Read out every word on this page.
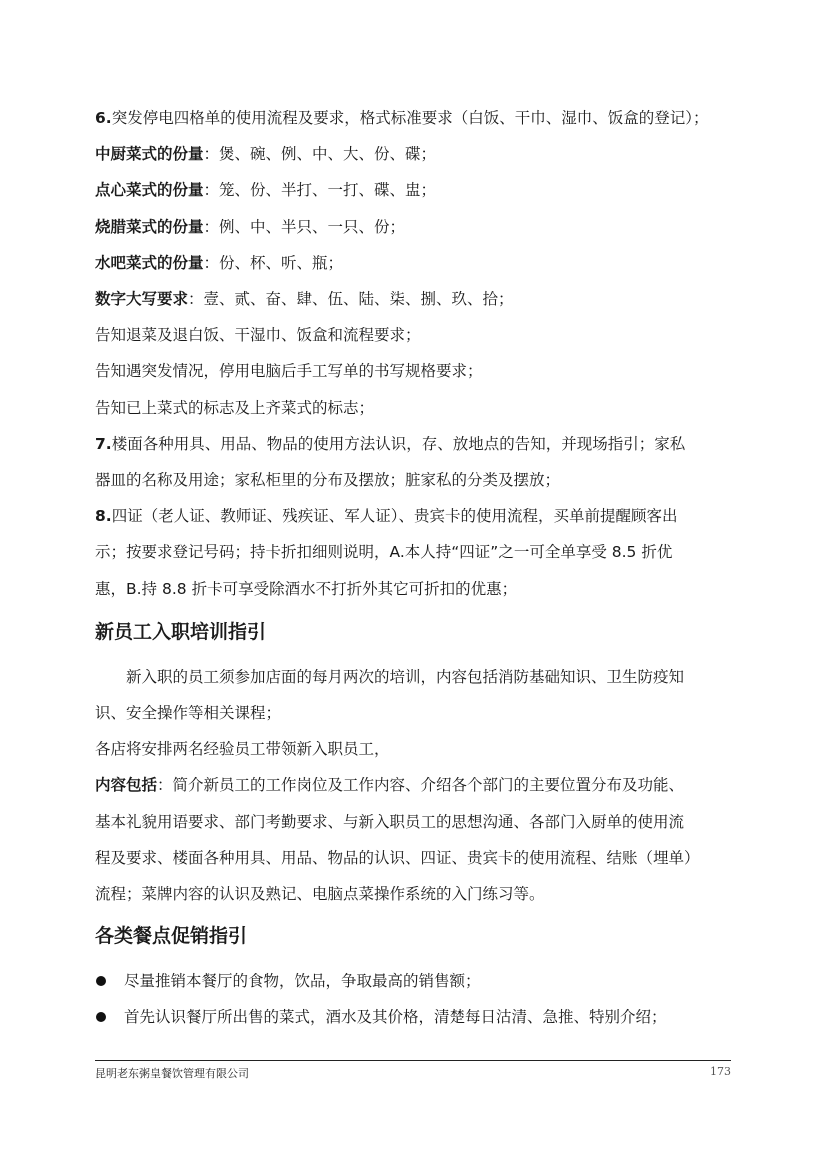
6.突发停电四格单的使用流程及要求，格式标准要求（白饭、干巾、湿巾、饭盒的登记）；
中厨菜式的份量：煲、碗、例、中、大、份、碟；
点心菜式的份量：笼、份、半打、一打、碟、盅；
烧腊菜式的份量：例、中、半只、一只、份；
水吧菜式的份量：份、杯、听、瓶；
数字大写要求：壹、贰、奋、肆、伍、陆、柒、捌、玖、拾；
告知退菜及退白饭、干湿巾、饭盒和流程要求；
告知遇突发情况，停用电脑后手工写单的书写规格要求；
告知已上菜式的标志及上齐菜式的标志；
7.楼面各种用具、用品、物品的使用方法认识，存、放地点的告知，并现场指引；家私
器皿的名称及用途；家私柜里的分布及摆放；脏家私的分类及摆放；
8.四证（老人证、教师证、残疾证、军人证）、贵宾卡的使用流程，买单前提醒顾客出
示；按要求登记号码；持卡折扣细则说明，A.本人持“四证”之一可全单享受 8.5 折优
惠，B.持 8.8 折卡可享受除酒水不打折外其它可折扣的优惠；
新员工入职培训指引
新入职的员工须参加店面的每月两次的培训，内容包括消防基础知识、卫生防疫知
识、安全操作等相关课程；
各店将安排两名经验员工带领新入职员工，
内容包括：简介新员工的工作岗位及工作内容、介绍各个部门的主要位置分布及功能、
基本礼貌用语要求、部门考勤要求、与新入职员工的思想沟通、各部门入厨单的使用流
程及要求、楼面各种用具、用品、物品的认识、四证、贵宾卡的使用流程、结账（埋单）
流程；菜牌内容的认识及熟记、电脑点菜操作系统的入门练习等。
各类餐点促销指引
尽量推销本餐厅的食物，饮品，争取最高的销售额；
首先认识餐厅所出售的菜式，酒水及其价格，清楚每日沽清、急推、特别介绍；
昆明老东粥皇餐饮管理有限公司	173
